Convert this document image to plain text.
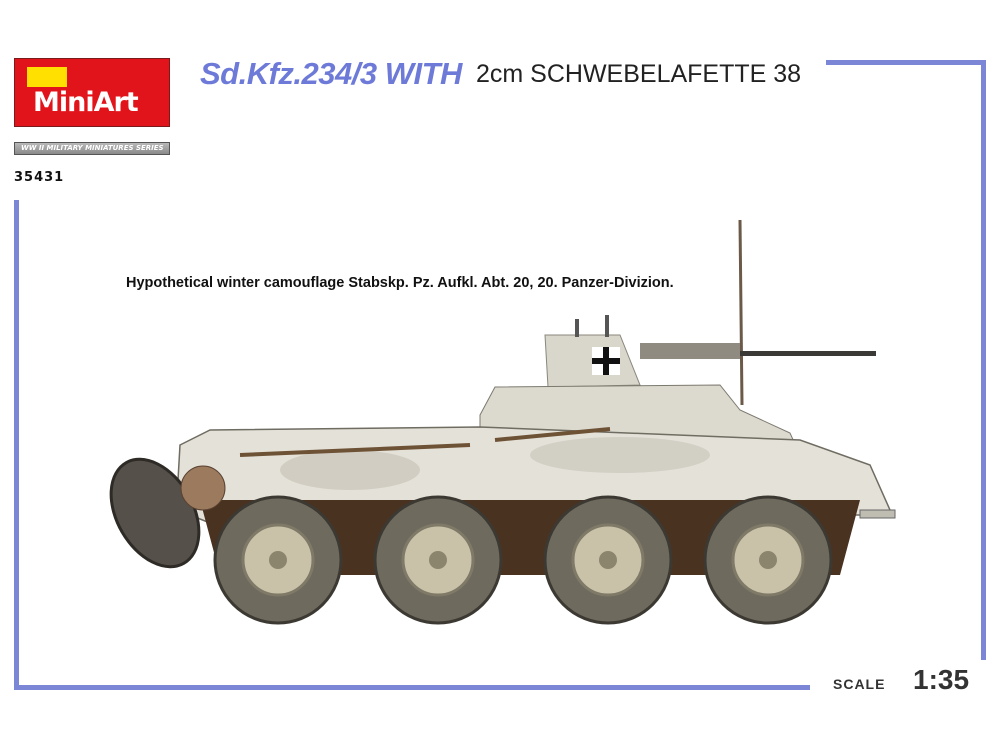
MiniArt
WW II MILITARY MINIATURES SERIES
35431
Sd.Kfz.234/3 WITH 2cm SCHWEBELAFETTE 38
Hypothetical winter camouflage Stabskp. Pz. Aufkl. Abt. 20, 20. Panzer-Divizion.
SCALE 1:35
